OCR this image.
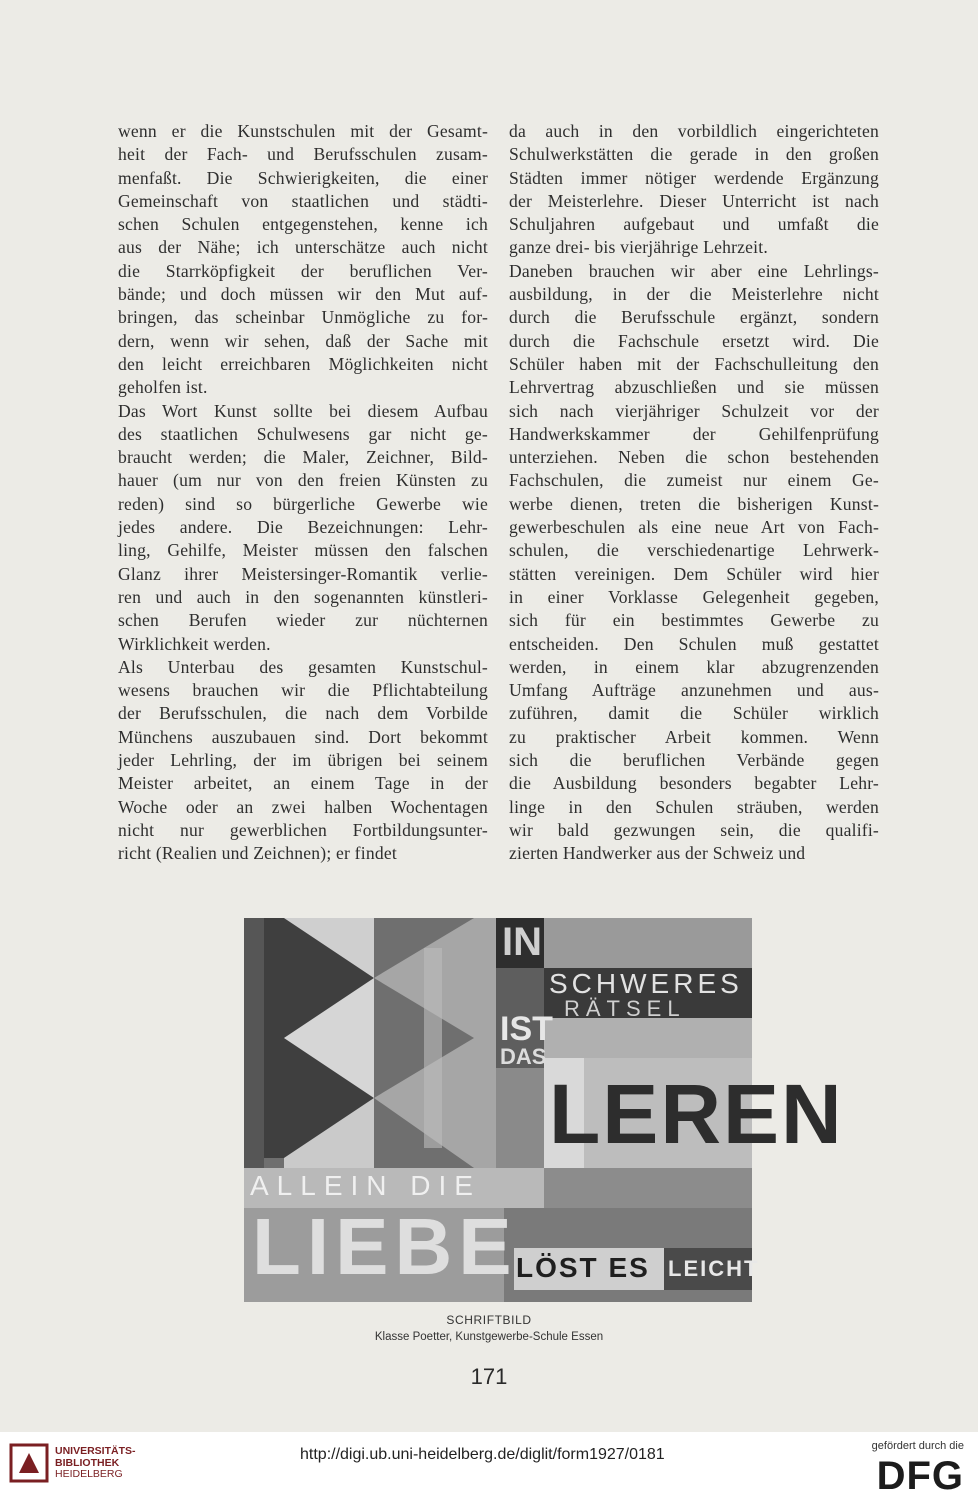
wenn er die Kunstschulen mit der Gesamt-
heit der Fach- und Berufsschulen zusam-
menfaßt. Die Schwierigkeiten, die einer
Gemeinschaft von staatlichen und städti-
schen Schulen entgegenstehen, kenne ich
aus der Nähe; ich unterschätze auch nicht
die Starrköpfigkeit der beruflichen Ver-
bände; und doch müssen wir den Mut auf-
bringen, das scheinbar Unmögliche zu for-
dern, wenn wir sehen, daß der Sache mit
den leicht erreichbaren Möglichkeiten nicht
geholfen ist.
Das Wort Kunst sollte bei diesem Aufbau
des staatlichen Schulwesens gar nicht ge-
braucht werden; die Maler, Zeichner, Bild-
hauer (um nur von den freien Künsten zu
reden) sind so bürgerliche Gewerbe wie
jedes andere. Die Bezeichnungen: Lehr-
ling, Gehilfe, Meister müssen den falschen
Glanz ihrer Meistersinger-Romantik verlie-
ren und auch in den sogenannten künstleri-
schen Berufen wieder zur nüchternen
Wirklichkeit werden.
Als Unterbau des gesamten Kunstschul-
wesens brauchen wir die Pflichtabteilung
der Berufsschulen, die nach dem Vorbilde
Münchens auszubauen sind. Dort bekommt
jeder Lehrling, der im übrigen bei seinem
Meister arbeitet, an einem Tage in der
Woche oder an zwei halben Wochentagen
nicht nur gewerblichen Fortbildungsunter-
richt (Realien und Zeichnen); er findet
da auch in den vorbildlich eingerichteten
Schulwerkstätten die gerade in den großen
Städten immer nötiger werdende Ergänzung
der Meisterlehre. Dieser Unterricht ist nach
Schuljahren aufgebaut und umfaßt die
ganze drei- bis vierjährige Lehrzeit.
Daneben brauchen wir aber eine Lehrlings-
ausbildung, in der die Meisterlehre nicht
durch die Berufsschule ergänzt, sondern
durch die Fachschule ersetzt wird. Die
Schüler haben mit der Fachschulleitung den
Lehrvertrag abzuschließen und sie müssen
sich nach vierjähriger Schulzeit vor der
Handwerkskammer der Gehilfenprüfung
unterziehen. Neben die schon bestehenden
Fachschulen, die zumeist nur einem Ge-
werbe dienen, treten die bisherigen Kunst-
gewerbeschulen als eine neue Art von Fach-
schulen, die verschiedenartige Lehrwerk-
stätten vereinigen. Dem Schüler wird hier
in einer Vorklasse Gelegenheit gegeben,
sich für ein bestimmtes Gewerbe zu
entscheiden. Den Schulen muß gestattet
werden, in einem klar abzugrenzenden
Umfang Aufträge anzunehmen und aus-
zuführen, damit die Schüler wirklich
zu praktischer Arbeit kommen. Wenn
sich die beruflichen Verbände gegen
die Ausbildung besonders begabter Lehr-
linge in den Schulen sträuben, werden
wir bald gezwungen sein, die qualifi-
zierten Handwerker aus der Schweiz und
IN
SCHWERES
RÄTSEL
IST
DAS
LEREN
ALLEIN DIE
LIEBE
LÖST ES LEICHT
SCHRIFTBILD
Klasse Poetter, Kunstgewerbe-Schule Essen
171
UNIVERSITÄTS-
BIBLIOTHEK
HEIDELBERG
http://digi.ub.uni-heidelberg.de/diglit/form1927/0181	gefördert durch die
DFG
